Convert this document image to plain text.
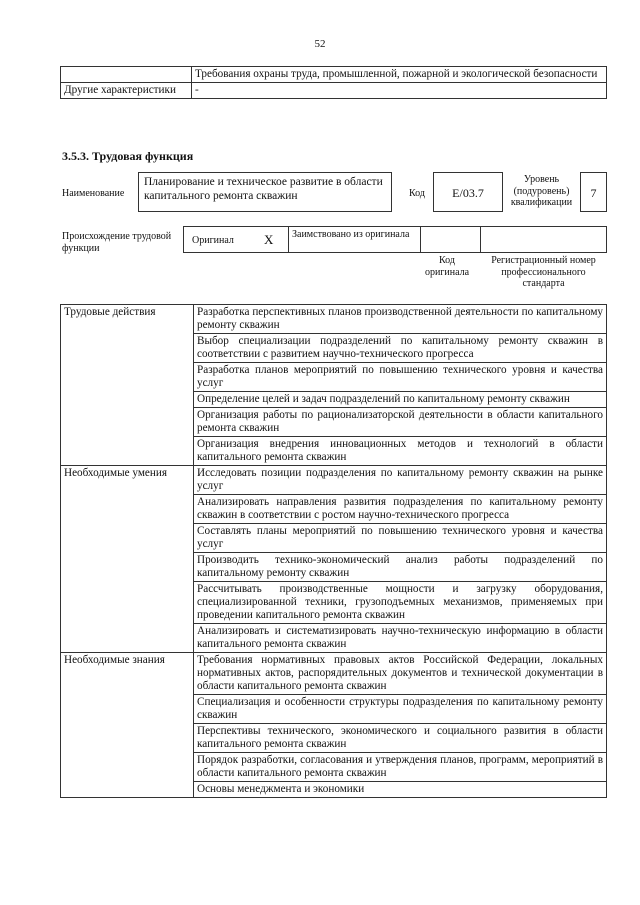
52
	Требования охраны труда, промышленной, пожарной и экологической безопасности
Другие характеристики	-
3.5.3. Трудовая функция
Наименование
Планирование и техническое развитие в области капитального ремонта скважин	Код	E/03.7
Уровень (подуровень) квалификации
7
Происхождение трудовой функции
Оригинал X Заимствовано из оригинала
Код оригинала
Регистрационный номер профессионального стандарта
Трудовые действия	Разработка перспективных планов производственной деятельности по капитальному ремонту скважин
	Выбор специализации подразделений по капитальному ремонту скважин в соответствии с развитием научно-технического прогресса
	Разработка планов мероприятий по повышению технического уровня и качества услуг
	Определение целей и задач подразделений по капитальному ремонту скважин
	Организация работы по рационализаторской деятельности в области капитального ремонта скважин
	Организация внедрения инновационных методов и технологий в области капитального ремонта скважин
Необходимые умения	Исследовать позиции подразделения по капитальному ремонту скважин на рынке услуг
	Анализировать направления развития подразделения по капитальному ремонту скважин в соответствии с ростом научно-технического прогресса
	Составлять планы мероприятий по повышению технического уровня и качества услуг
	Производить технико-экономический анализ работы подразделений по капитальному ремонту скважин
	Рассчитывать производственные мощности и загрузку оборудования, специализированной техники, грузоподъемных механизмов, применяемых при проведении капитального ремонта скважин
	Анализировать и систематизировать научно-техническую информацию в области капитального ремонта скважин
Необходимые знания	Требования нормативных правовых актов Российской Федерации, локальных нормативных актов, распорядительных документов и технической документации в области капитального ремонта скважин
	Специализация и особенности структуры подразделения по капитальному ремонту скважин
	Перспективы технического, экономического и социального развития в области капитального ремонта скважин
	Порядок разработки, согласования и утверждения планов, программ, мероприятий в области капитального ремонта скважин
	Основы менеджмента и экономики
